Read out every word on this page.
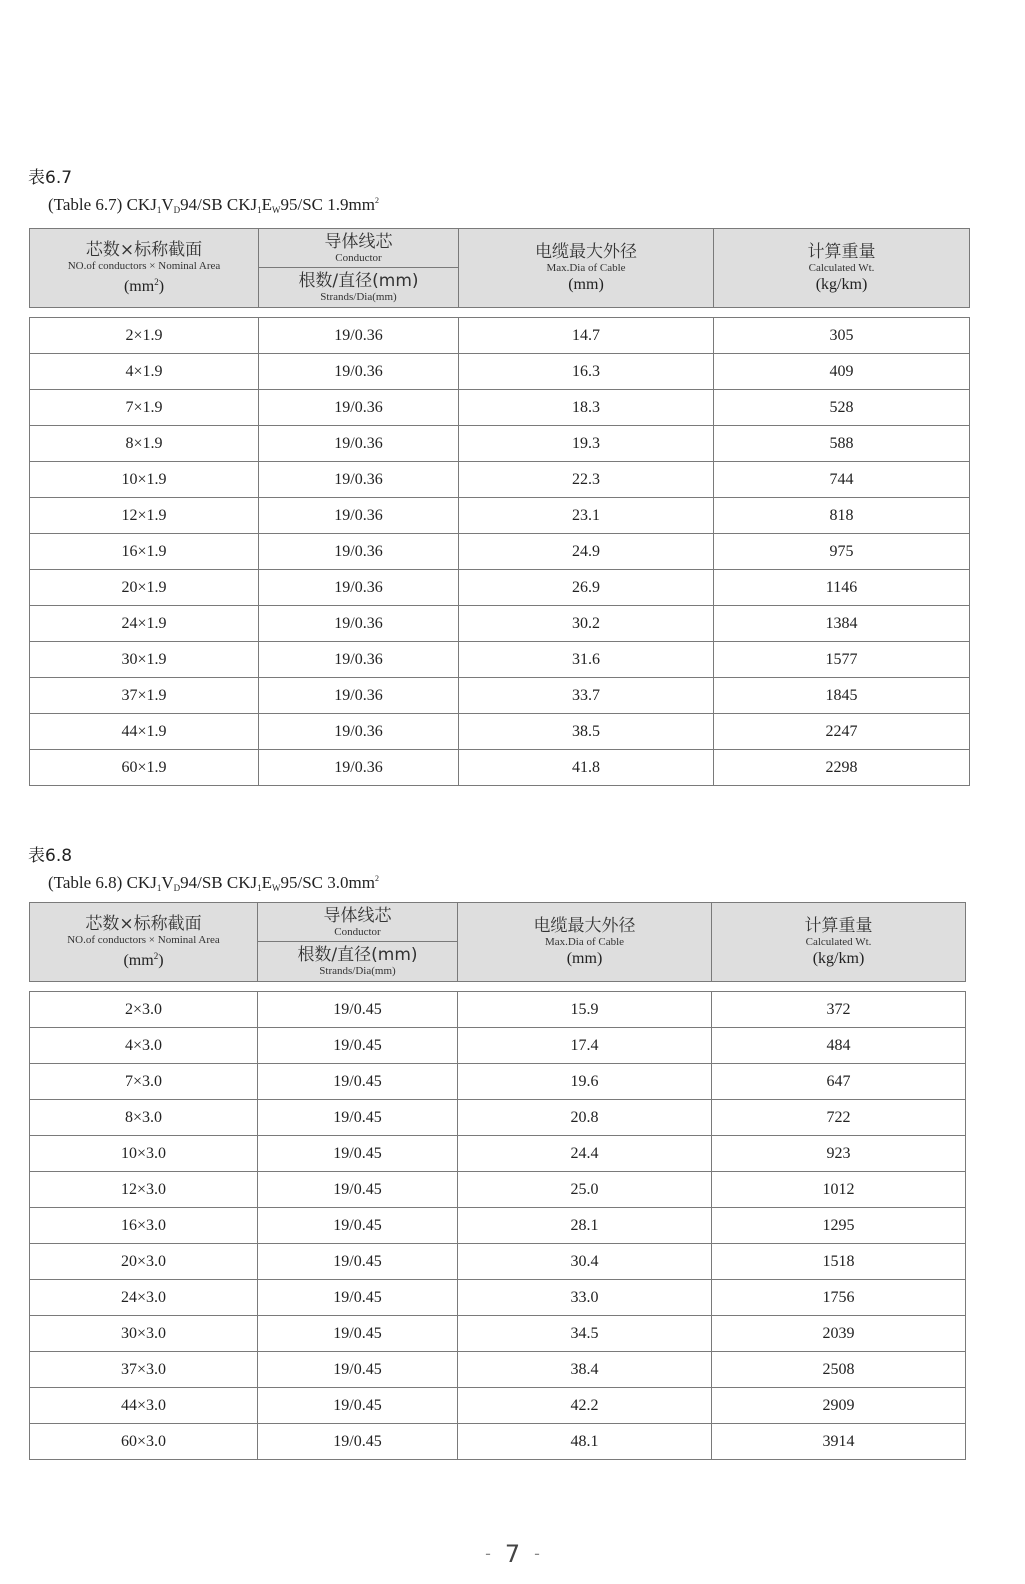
表6.7
(Table 6.7) $CKJ_1V_D94/SB$ $CKJ_1E_W95/SC$ $1.9mm^2$
芯数×标称截面
NO.of conductors × Nominal Area
$(mm^2)$

导体线芯
Conductor
根数/直径(mm)
Strands/Dia(mm)

电缆最大外径
Max.Dia of Cable
(mm)

计算重量
Calculated Wt.
(kg/km)
2×1.9	19/0.36	14.7	305
4×1.9	19/0.36	16.3	409
7×1.9	19/0.36	18.3	528
8×1.9	19/0.36	19.3	588
10×1.9	19/0.36	22.3	744
12×1.9	19/0.36	23.1	818
16×1.9	19/0.36	24.9	975
20×1.9	19/0.36	26.9	1146
24×1.9	19/0.36	30.2	1384
30×1.9	19/0.36	31.6	1577
37×1.9	19/0.36	33.7	1845
44×1.9	19/0.36	38.5	2247
60×1.9	19/0.36	41.8	2298
表6.8
(Table 6.8) $CKJ_1V_D94/SB$ $CKJ_1E_W95/SC$ $3.0mm^2$
芯数×标称截面
NO.of conductors × Nominal Area
$(mm^2)$

导体线芯
Conductor
根数/直径(mm)
Strands/Dia(mm)

电缆最大外径
Max.Dia of Cable
(mm)

计算重量
Calculated Wt.
(kg/km)
2×3.0	19/0.45	15.9	372
4×3.0	19/0.45	17.4	484
7×3.0	19/0.45	19.6	647
8×3.0	19/0.45	20.8	722
10×3.0	19/0.45	24.4	923
12×3.0	19/0.45	25.0	1012
16×3.0	19/0.45	28.1	1295
20×3.0	19/0.45	30.4	1518
24×3.0	19/0.45	33.0	1756
30×3.0	19/0.45	34.5	2039
37×3.0	19/0.45	38.4	2508
44×3.0	19/0.45	42.2	2909
60×3.0	19/0.45	48.1	3914
- 7 -
